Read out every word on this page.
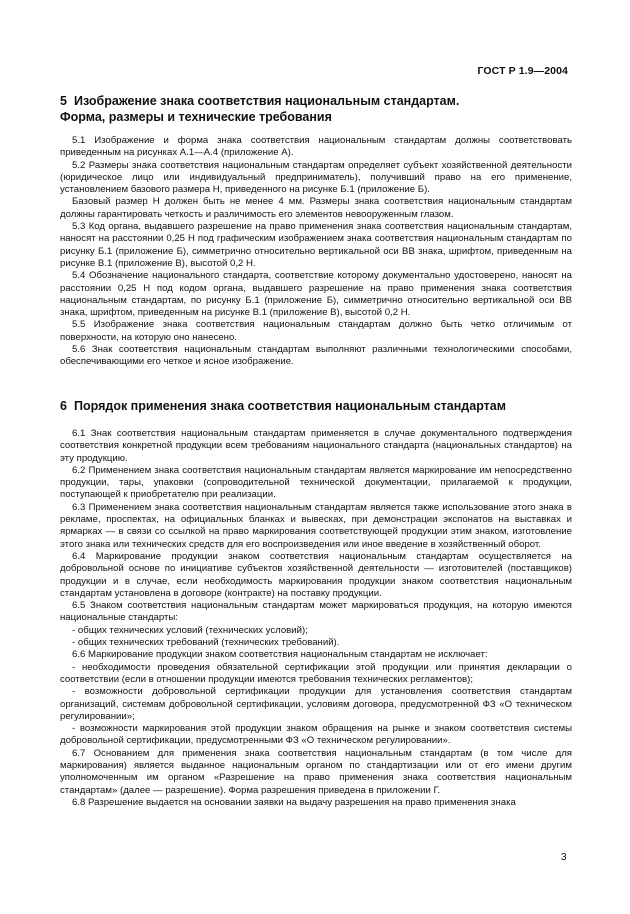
ГОСТ Р 1.9—2004
5 Изображение знака соответствия национальным стандартам.
Форма, размеры и технические требования

5.1 Изображение и форма знака соответствия национальным стандартам должны соответствовать приведенным на рисунках А.1—А.4 (приложение А).

5.2 Размеры знака соответствия национальным стандартам определяет субъект хозяйственной деятельности (юридическое лицо или индивидуальный предприниматель), получивший право на его применение, установлением базового размера H, приведенного на рисунке Б.1 (приложение Б).

Базовый размер H должен быть не менее 4 мм. Размеры знака соответствия национальным стандартам должны гарантировать четкость и различимость его элементов невооруженным глазом.

5.3 Код органа, выдавшего разрешение на право применения знака соответствия национальным стандартам, наносят на расстоянии 0,25 H под графическим изображением знака соответствия национальным стандартам по рисунку Б.1 (приложение Б), симметрично относительно вертикальной оси ВВ знака, шрифтом, приведенным на рисунке В.1 (приложение В), высотой 0,2 H.

5.4 Обозначение национального стандарта, соответствие которому документально удостоверено, наносят на расстоянии 0,25 H под кодом органа, выдавшего разрешение на право применения знака соответствия национальным стандартам, по рисунку Б.1 (приложение Б), симметрично относительно вертикальной оси ВВ знака, шрифтом, приведенным на рисунке В.1 (приложение В), высотой 0,2 H.

5.5 Изображение знака соответствия национальным стандартам должно быть четко отличимым от поверхности, на которую оно нанесено.

5.6 Знак соответствия национальным стандартам выполняют различными технологическими способами, обеспечивающими его четкое и ясное изображение.

6 Порядок применения знака соответствия национальным стандартам

6.1 Знак соответствия национальным стандартам применяется в случае документального подтверждения соответствия конкретной продукции всем требованиям национального стандарта (национальных стандартов) на эту продукцию.

6.2 Применением знака соответствия национальным стандартам является маркирование им непосредственно продукции, тары, упаковки (сопроводительной технической документации, прилагаемой к продукции, поступающей к приобретателю при реализации.

6.3 Применением знака соответствия национальным стандартам является также использование этого знака в рекламе, проспектах, на официальных бланках и вывесках, при демонстрации экспонатов на выставках и ярмарках — в связи со ссылкой на право маркирования соответствующей продукции этим знаком, изготовление этого знака или технических средств для его воспроизведения или иное введение в хозяйственный оборот.

6.4 Маркирование продукции знаком соответствия национальным стандартам осуществляется на добровольной основе по инициативе субъектов хозяйственной деятельности — изготовителей (поставщиков) продукции и в случае, если необходимость маркирования продукции знаком соответствия национальным стандартам установлена в договоре (контракте) на поставку продукции.

6.5 Знаком соответствия национальным стандартам может маркироваться продукция, на которую имеются национальные стандарты:

- общих технических условий (технических условий);

- общих технических требований (технических требований).

6.6 Маркирование продукции знаком соответствия национальным стандартам не исключает:

- необходимости проведения обязательной сертификации этой продукции или принятия декларации о соответствии (если в отношении продукции имеются требования технических регламентов);

- возможности добровольной сертификации продукции для установления соответствия стандартам организаций, системам добровольной сертификации, условиям договора, предусмотренной ФЗ «О техническом регулировании»;

- возможности маркирования этой продукции знаком обращения на рынке и знаком соответствия системы добровольной сертификации, предусмотренными ФЗ «О техническом регулировании».

6.7 Основанием для применения знака соответствия национальным стандартам (в том числе для маркирования) является выданное национальным органом по стандартизации или от его имени другим уполномоченным им органом «Разрешение на право применения знака соответствия национальным стандартам» (далее — разрешение). Форма разрешения приведена в приложении Г.

6.8 Разрешение выдается на основании заявки на выдачу разрешения на право применения знака

3
